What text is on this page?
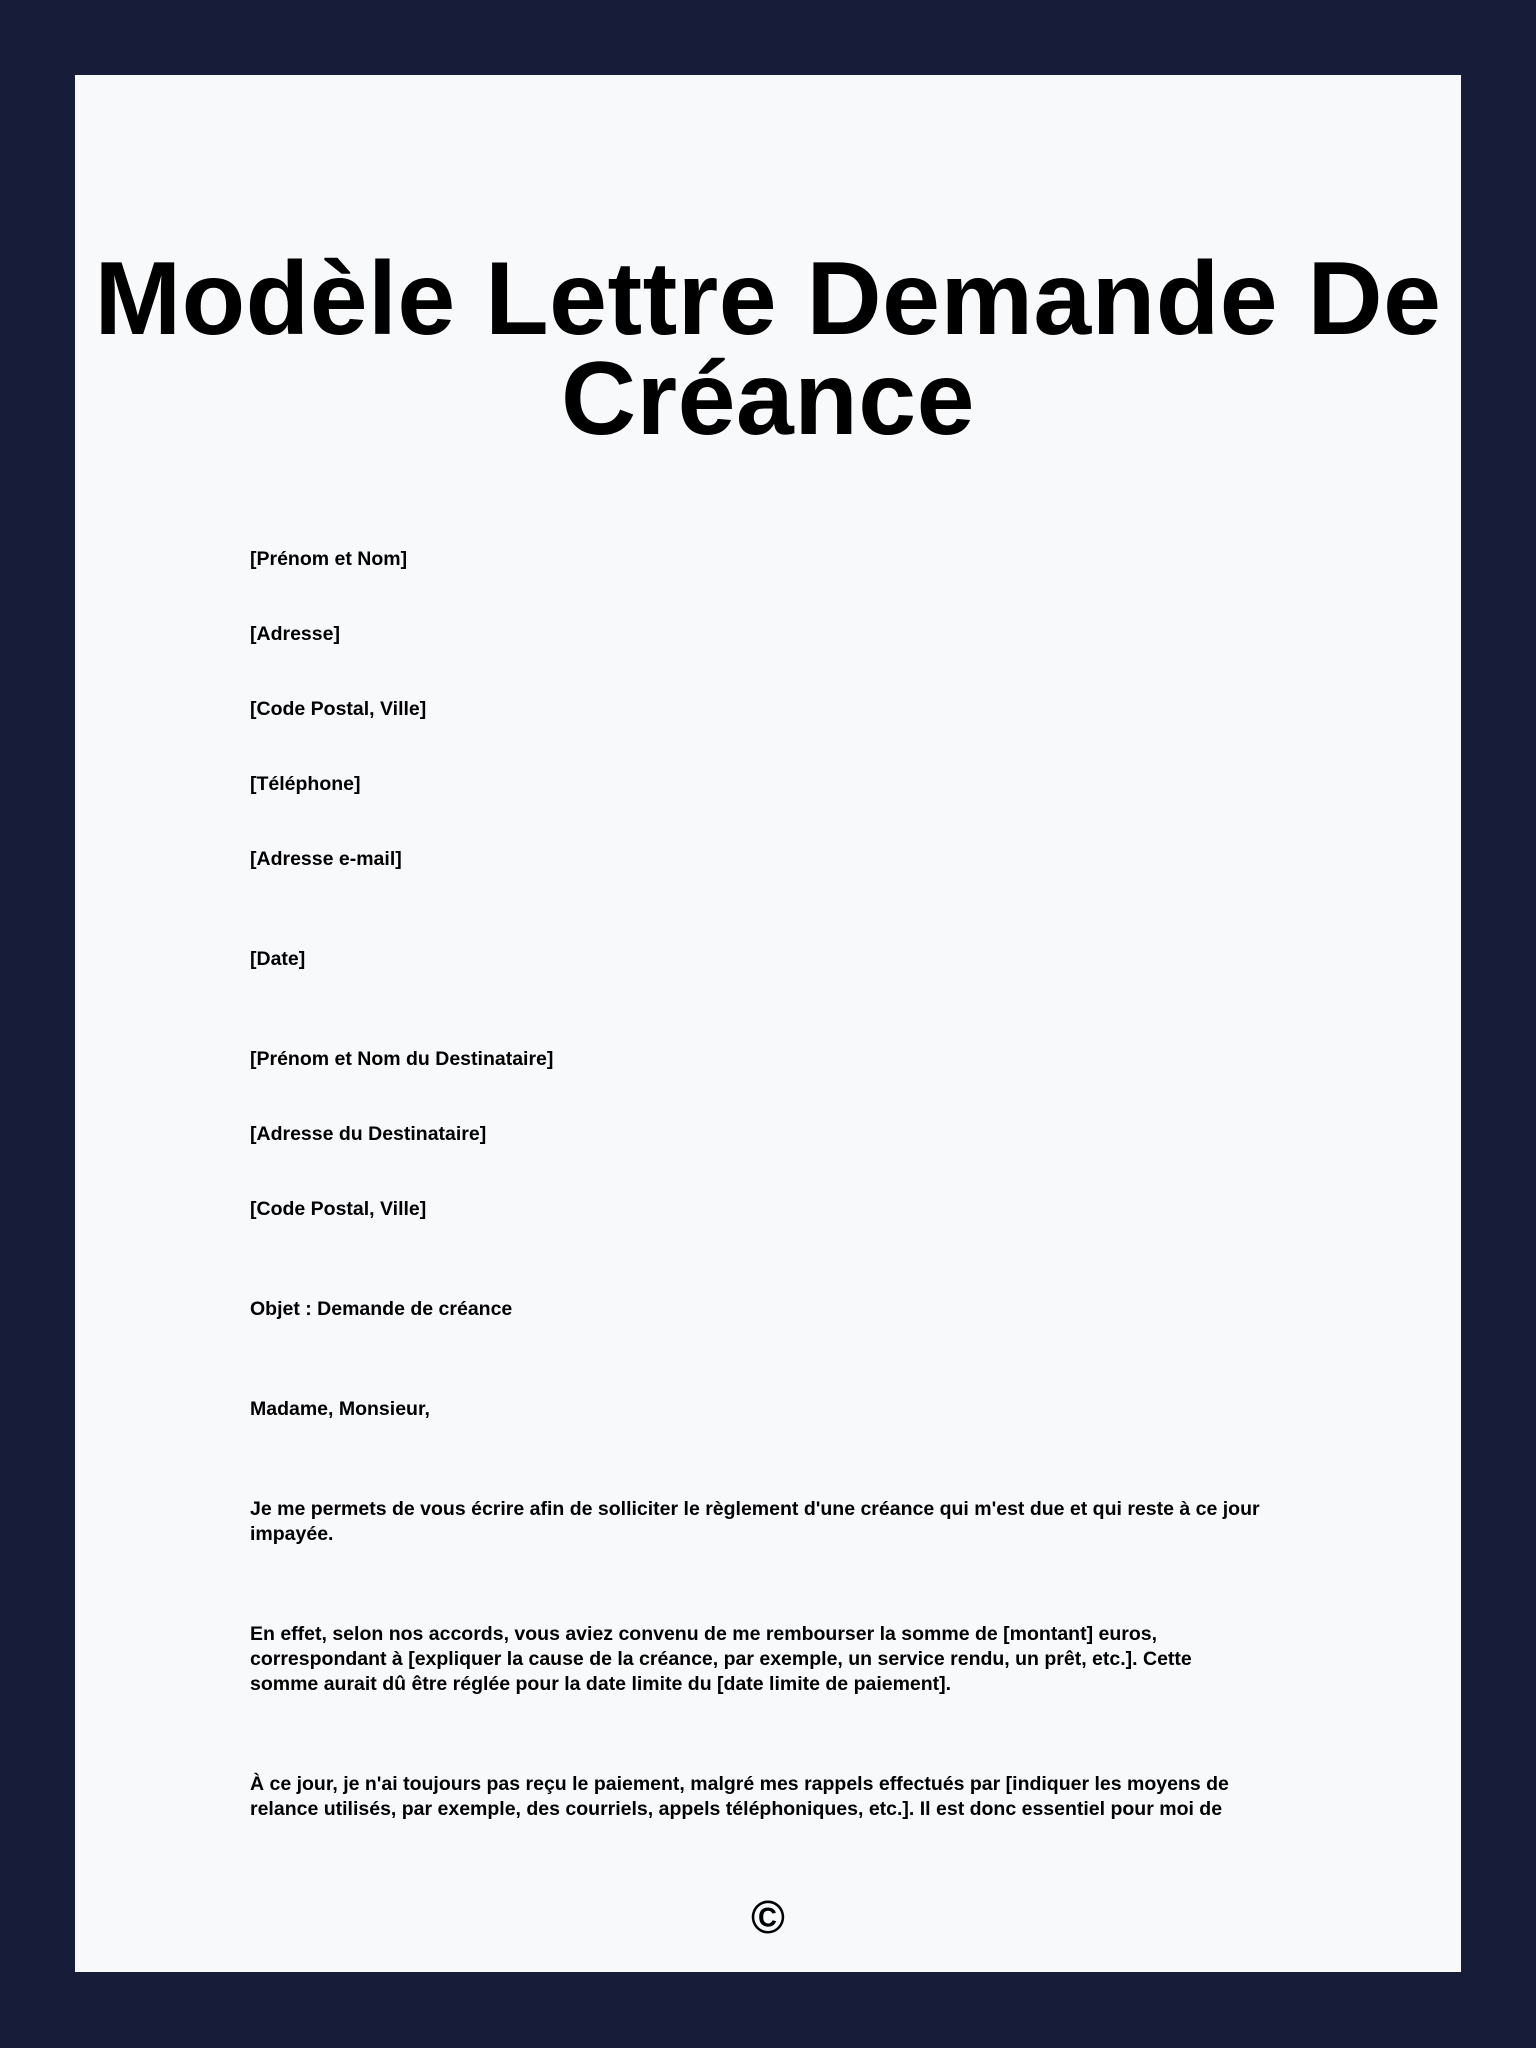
Modèle Lettre Demande De Créance

[Prénom et Nom]

[Adresse]

[Code Postal, Ville]

[Téléphone]

[Adresse e-mail]

[Date]

[Prénom et Nom du Destinataire]

[Adresse du Destinataire]

[Code Postal, Ville]

Objet : Demande de créance

Madame, Monsieur,

Je me permets de vous écrire afin de solliciter le règlement d'une créance qui m'est due et qui reste à ce jour impayée.

En effet, selon nos accords, vous aviez convenu de me rembourser la somme de [montant] euros, correspondant à [expliquer la cause de la créance, par exemple, un service rendu, un prêt, etc.]. Cette somme aurait dû être réglée pour la date limite du [date limite de paiement].

À ce jour, je n'ai toujours pas reçu le paiement, malgré mes rappels effectués par [indiquer les moyens de relance utilisés, par exemple, des courriels, appels téléphoniques, etc.]. Il est donc essentiel pour moi de

©
